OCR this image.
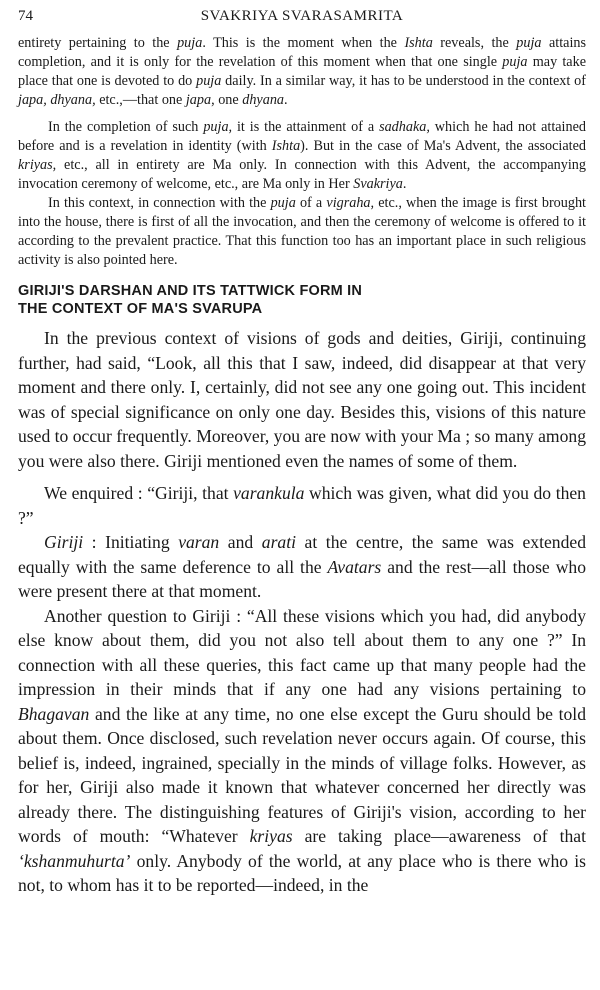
74	SVAKRIYA SVARASAMRITA

entirety pertaining to the puja. This is the moment when the Ishta reveals, the puja attains completion, and it is only for the revelation of this moment when that one single puja may take place that one is devoted to do puja daily. In a similar way, it has to be understood in the context of japa, dhyana, etc.,—that one japa, one dhyana.

In the completion of such puja, it is the attainment of a sadhaka, which he had not attained before and is a revelation in identity (with Ishta). But in the case of Ma's Advent, the associated kriyas, etc., all in entirety are Ma only. In connection with this Advent, the accompanying invocation ceremony of welcome, etc., are Ma only in Her Svakriya.

In this context, in connection with the puja of a vigraha, etc., when the image is first brought into the house, there is first of all the invocation, and then the ceremony of welcome is offered to it according to the prevalent practice. That this function too has an important place in such religious activity is also pointed here.

GIRIJI'S DARSHAN AND ITS TATTWICK FORM IN
THE CONTEXT OF MA'S SVARUPA

In the previous context of visions of gods and deities, Giriji, continuing further, had said, “Look, all this that I saw, indeed, did disappear at that very moment and there only. I, certainly, did not see any one going out. This incident was of special significance on only one day. Besides this, visions of this nature used to occur frequently. Moreover, you are now with your Ma ; so many among you were also there. Giriji mentioned even the names of some of them.

We enquired : “Giriji, that varankula which was given, what did you do then ?”

Giriji : Initiating varan and arati at the centre, the same was extended equally with the same deference to all the Avatars and the rest—all those who were present there at that moment.

Another question to Giriji : “All these visions which you had, did anybody else know about them, did you not also tell about them to any one ?” In connection with all these queries, this fact came up that many people had the impression in their minds that if any one had any visions pertaining to Bhagavan and the like at any time, no one else except the Guru should be told about them. Once disclosed, such revelation never occurs again. Of course, this belief is, indeed, ingrained, specially in the minds of village folks. However, as for her, Giriji also made it known that whatever concerned her directly was already there. The distinguishing features of Giriji's vision, according to her words of mouth: “Whatever kriyas are taking place—awareness of that ‘kshanmuhurta’ only. Anybody of the world, at any place who is there who is not, to whom has it to be reported—indeed, in the
